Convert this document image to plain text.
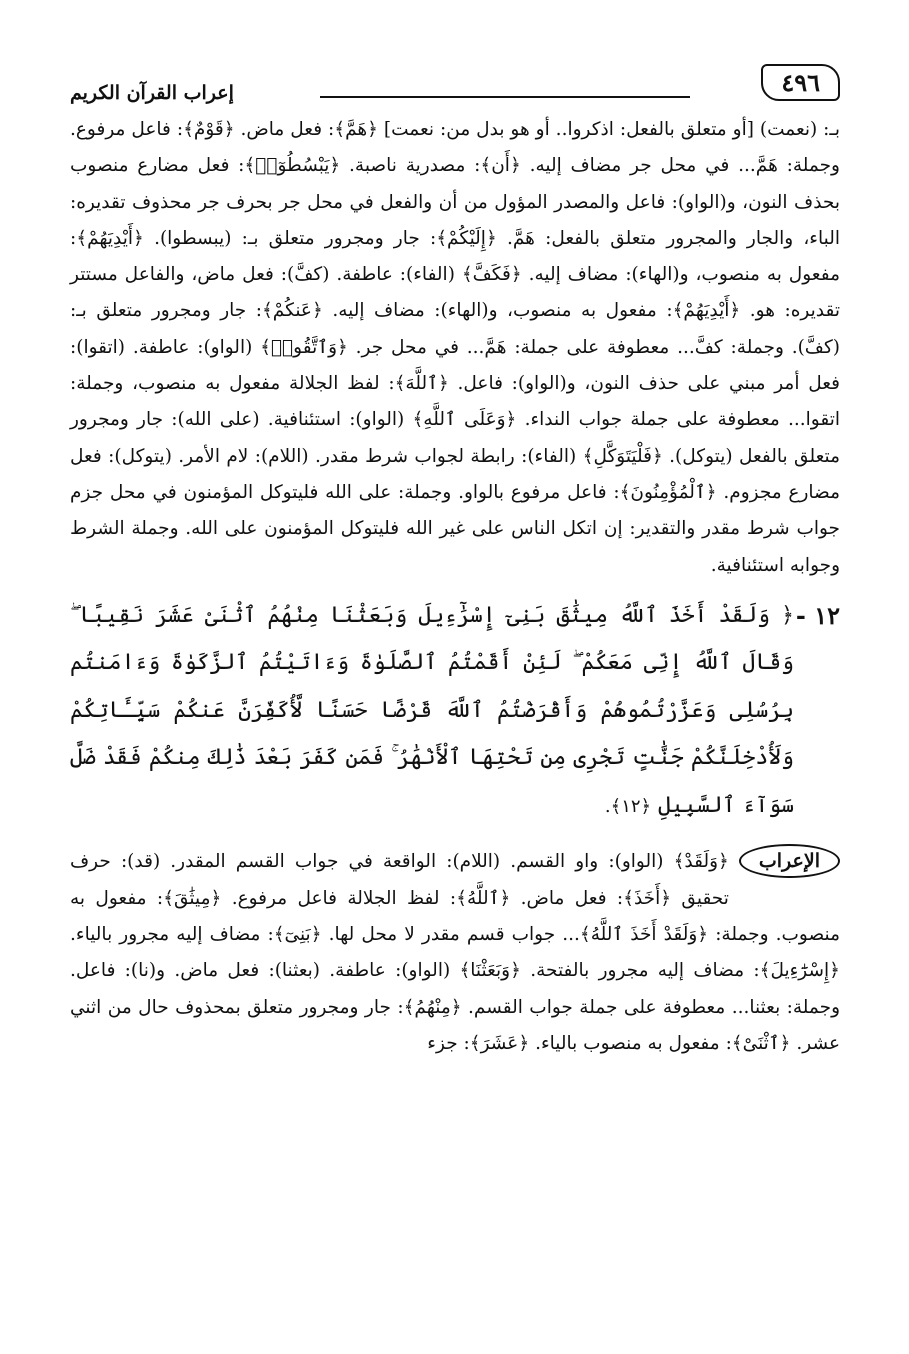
٤٩٦
إعراب القرآن الكريم

بـ: (نعمت) [أو متعلق بالفعل: اذكروا.. أو هو بدل من: نعمت] ﴿هَمَّ﴾: فعل ماض. ﴿قَوْمٌ﴾: فاعل مرفوع. وجملة: هَمَّ... في محل جر مضاف إليه. ﴿أَن﴾: مصدرية ناصبة. ﴿يَبْسُطُوٓا۟﴾: فعل مضارع منصوب بحذف النون، و(الواو): فاعل والمصدر المؤول من أن والفعل في محل جر بحرف جر محذوف تقديره: الباء، والجار والمجرور متعلق بالفعل: هَمَّ. ﴿إِلَيْكُمْ﴾: جار ومجرور متعلق بـ: (يبسطوا). ﴿أَيْدِيَهُمْ﴾: مفعول به منصوب، و(الهاء): مضاف إليه. ﴿فَكَفَّ﴾ (الفاء): عاطفة. (كفَّ): فعل ماض، والفاعل مستتر تقديره: هو. ﴿أَيْدِيَهُمْ﴾: مفعول به منصوب، و(الهاء): مضاف إليه. ﴿عَنكُمْ﴾: جار ومجرور متعلق بـ: (كفَّ). وجملة: كفَّ... معطوفة على جملة: هَمَّ... في محل جر. ﴿وَٱتَّقُوا۟﴾ (الواو): عاطفة. (اتقوا): فعل أمر مبني على حذف النون، و(الواو): فاعل. ﴿ٱللَّهَ﴾: لفظ الجلالة مفعول به منصوب، وجملة: اتقوا... معطوفة على جملة جواب النداء. ﴿وَعَلَى ٱللَّهِ﴾ (الواو): استئنافية. (على الله): جار ومجرور متعلق بالفعل (يتوكل). ﴿فَلْيَتَوَكَّلِ﴾ (الفاء): رابطة لجواب شرط مقدر. (اللام): لام الأمر. (يتوكل): فعل مضارع مجزوم. ﴿ٱلْمُؤْمِنُونَ﴾: فاعل مرفوع بالواو. وجملة: على الله فليتوكل المؤمنون في محل جزم جواب شرط مقدر والتقدير: إن اتكل الناس على غير الله فليتوكل المؤمنون على الله. وجملة الشرط وجوابه استئنافية.

١٢ -
﴿ وَلَقَدْ أَخَذَ ٱللَّهُ مِيثَٰقَ بَنِىٓ إِسْرَٰٓءِيلَ وَبَعَثْنَا مِنْهُمُ ٱثْنَىْ عَشَرَ نَقِيبًا ۖ وَقَالَ ٱللَّهُ إِنِّى مَعَكُمْ ۖ لَئِنْ أَقَمْتُمُ ٱلصَّلَوٰةَ وَءَاتَيْتُمُ ٱلزَّكَوٰةَ وَءَامَنتُم بِرُسُلِى وَعَزَّرْتُمُوهُمْ وَأَقْرَضْتُمُ ٱللَّهَ قَرْضًا حَسَنًا لَّأُكَفِّرَنَّ عَنكُمْ سَيِّـَٔاتِكُمْ وَلَأُدْخِلَنَّكُمْ جَنَّٰتٍ تَجْرِى مِن تَحْتِهَا ٱلْأَنْهَٰرُ ۚ فَمَن كَفَرَ بَعْدَ ذَٰلِكَ مِنكُمْ فَقَدْ ضَلَّ سَوَآءَ ٱلسَّبِيلِ ﴿١٢﴾.
الإعراب

﴿وَلَقَدْ﴾ (الواو): واو القسم. (اللام): الواقعة في جواب القسم المقدر. (قد): حرف تحقيق ﴿أَخَذَ﴾: فعل ماض. ﴿ٱللَّهُ﴾: لفظ الجلالة فاعل مرفوع. ﴿مِيثَٰقَ﴾: مفعول به منصوب. وجملة: ﴿وَلَقَدْ أَخَذَ ٱللَّهُ﴾... جواب قسم مقدر لا محل لها. ﴿بَنِىٓ﴾: مضاف إليه مجرور بالياء. ﴿إِسْرَٰٓءِيلَ﴾: مضاف إليه مجرور بالفتحة. ﴿وَبَعَثْنَا﴾ (الواو): عاطفة. (بعثنا): فعل ماض. و(نا): فاعل. وجملة: بعثنا... معطوفة على جملة جواب القسم. ﴿مِنْهُمُ﴾: جار ومجرور متعلق بمحذوف حال من اثني عشر. ﴿ٱثْنَىْ﴾: مفعول به منصوب بالياء. ﴿عَشَرَ﴾: جزء
